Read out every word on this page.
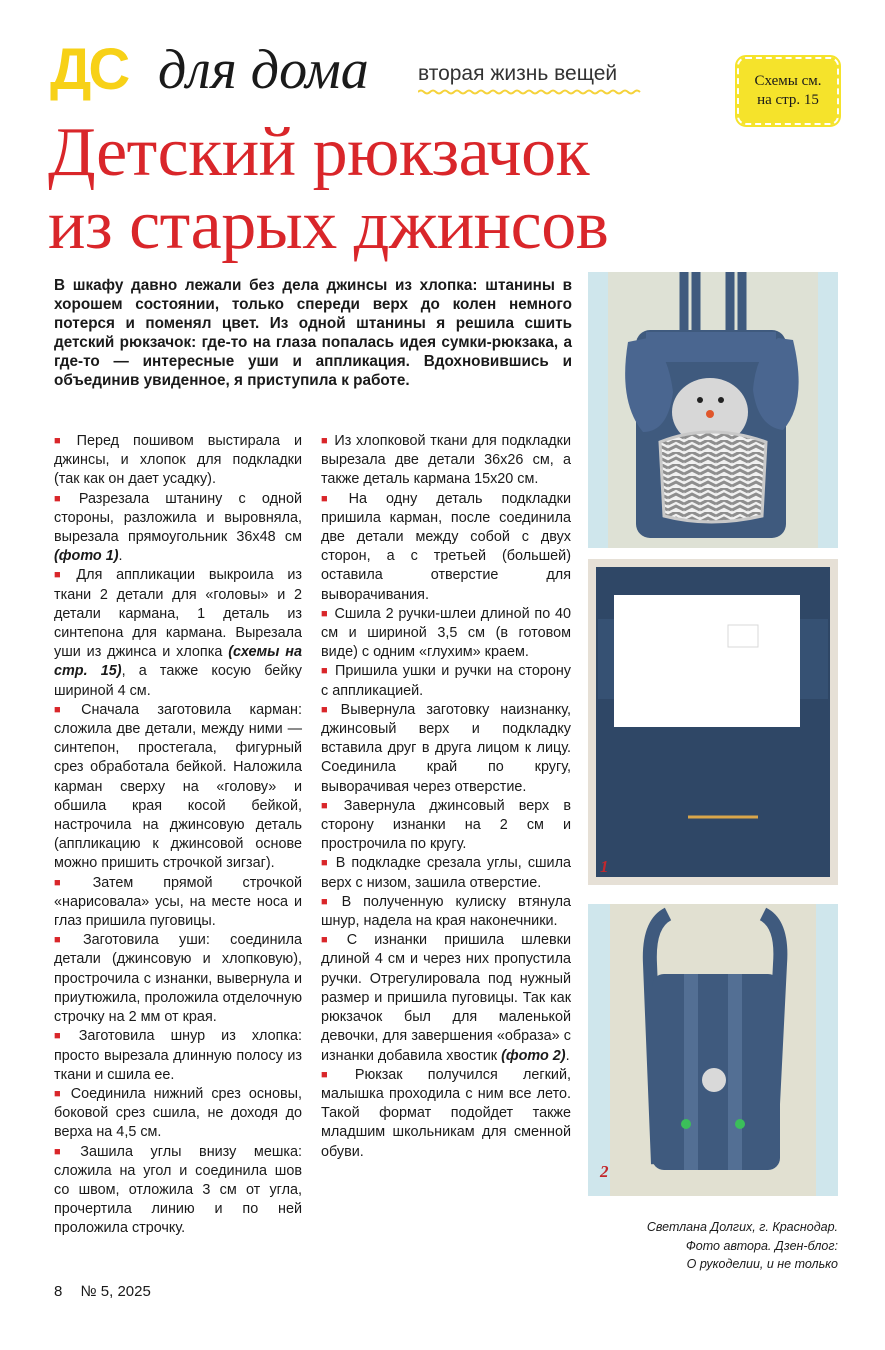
ДС для дома вторая жизнь вещей	Схемы см.
на стр. 15
Детский рюкзачок
из старых джинсов
В шкафу давно лежали без дела джинсы из хлопка: штанины в хорошем состоянии, только спереди верх до колен немного потерся и поменял цвет. Из одной штанины я решила сшить детский рюкзачок: где-то на глаза попалась идея сумки-рюкзака, а где-то — интересные уши и аппликация. Вдохновившись и объединив увиденное, я приступила к работе.

■ Перед пошивом выстирала и джинсы, и хлопок для подкладки (так как он дает усадку).

■ Разрезала штанину с одной стороны, разложила и выровняла, вырезала прямоугольник 36х48 см (фото 1).

■ Для аппликации выкроила из ткани 2 детали для «головы» и 2 детали кармана, 1 деталь из синтепона для кармана. Вырезала уши из джинса и хлопка (схемы на стр. 15), а также косую бейку шириной 4 см.

■ Сначала заготовила карман: сложила две детали, между ними — синтепон, простегала, фигурный срез обработала бейкой. Наложила карман сверху на «голову» и обшила края косой бейкой, настрочила на джинсовую деталь (аппликацию к джинсовой основе можно пришить строчкой зигзаг).

■ Затем прямой строчкой «нарисовала» усы, на месте носа и глаз пришила пуговицы.

■ Заготовила уши: соединила детали (джинсовую и хлопковую), прострочила с изнанки, вывернула и приутюжила, проложила отделочную строчку на 2 мм от края.

■ Заготовила шнур из хлопка: просто вырезала длинную полосу из ткани и сшила ее.

■ Соединила нижний срез основы, боковой срез сшила, не доходя до верха на 4,5 см.

■ Зашила углы внизу мешка: сложила на угол и соединила шов со швом, отложила 3 см от угла, прочертила линию и по ней проложила строчку.

■ Из хлопковой ткани для подкладки вырезала две детали 36х26 см, а также деталь кармана 15х20 см.

■ На одну деталь подкладки пришила карман, после соединила две детали между собой с двух сторон, а с третьей (большей) оставила отверстие для выворачивания.

■ Сшила 2 ручки-шлеи длиной по 40 см и шириной 3,5 см (в готовом виде) с одним «глухим» краем.

■ Пришила ушки и ручки на сторону с аппликацией.

■ Вывернула заготовку наизнанку, джинсовый верх и подкладку вставила друг в друга лицом к лицу. Соединила край по кругу, выворачивая через отверстие.

■ Завернула джинсовый верх в сторону изнанки на 2 см и прострочила по кругу.

■ В подкладке срезала углы, сшила верх с низом, зашила отверстие.

■ В полученную кулиску втянула шнур, надела на края наконечники.

■ С изнанки пришила шлевки длиной 4 см и через них пропустила ручки. Отрегулировала под нужный размер и пришила пуговицы. Так как рюкзачок был для маленькой девочки, для завершения «образа» с изнанки добавила хвостик (фото 2).

■ Рюкзак получился легкий, малышка проходила с ним все лето. Такой формат подойдет также младшим школьникам для сменной обуви.

1
2
Светлана Долгих, г. Краснодар.
Фото автора. Дзен-блог:
О рукоделии, и не только
8 № 5, 2025
